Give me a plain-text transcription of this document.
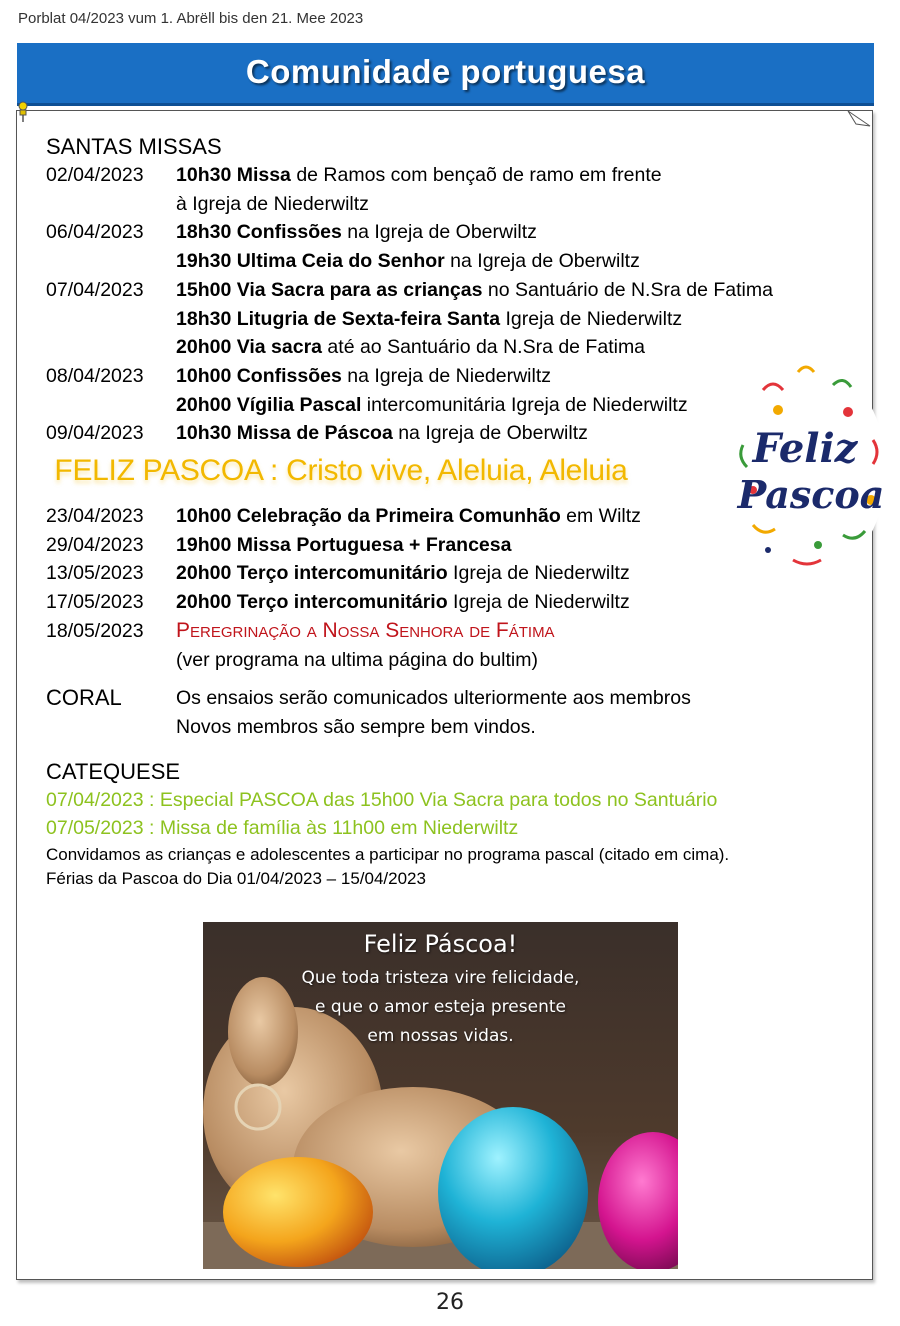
Porblat 04/2023 vum 1. Abrëll bis den 21. Mee 2023
Comunidade portuguesa
SANTAS MISSAS
02/04/2023	10h30 Missa de Ramos com bençaõ de ramo em frente
à Igreja de Niederwiltz
06/04/2023	18h30 Confissões na Igreja de Oberwiltz
19h30 Ultima Ceia do Senhor na Igreja de Oberwiltz
07/04/2023	15h00 Via Sacra para as crianças no Santuário de N.Sra de Fatima
18h30 Litugria de Sexta-feira Santa Igreja de Niederwiltz
20h00 Via sacra até ao Santuário da N.Sra de Fatima
08/04/2023	10h00 Confissões na Igreja de Niederwiltz
20h00 Vígilia Pascal intercomunitária Igreja de Niederwiltz
09/04/2023	10h30 Missa de Páscoa na Igreja de Oberwiltz
FELIZ PASCOA : Cristo vive, Aleluia, Aleluia
23/04/2023	10h00 Celebração da Primeira Comunhão em Wiltz
29/04/2023	19h00 Missa Portuguesa + Francesa
13/05/2023	20h00 Terço intercomunitário Igreja de Niederwiltz
17/05/2023	20h00 Terço intercomunitário Igreja de Niederwiltz
18/05/2023	Peregrinação a Nossa Senhora de Fátima
(ver programa na ultima página do bultim)
CORAL	Os ensaios serão comunicados ulteriormente aos membros
Novos membros são sempre bem vindos.
CATEQUESE
07/04/2023 : Especial PASCOA das 15h00 Via Sacra para todos no Santuário
07/05/2023 : Missa de família às 11h00 em Niederwiltz
Convidamos as crianças e adolescentes a participar no programa pascal (citado em cima).
Férias da Pascoa do Dia 01/04/2023 – 15/04/2023
Feliz
Pascoa
Feliz Páscoa!
Que toda tristeza vire felicidade,
e que o amor esteja presente
em nossas vidas.
26
